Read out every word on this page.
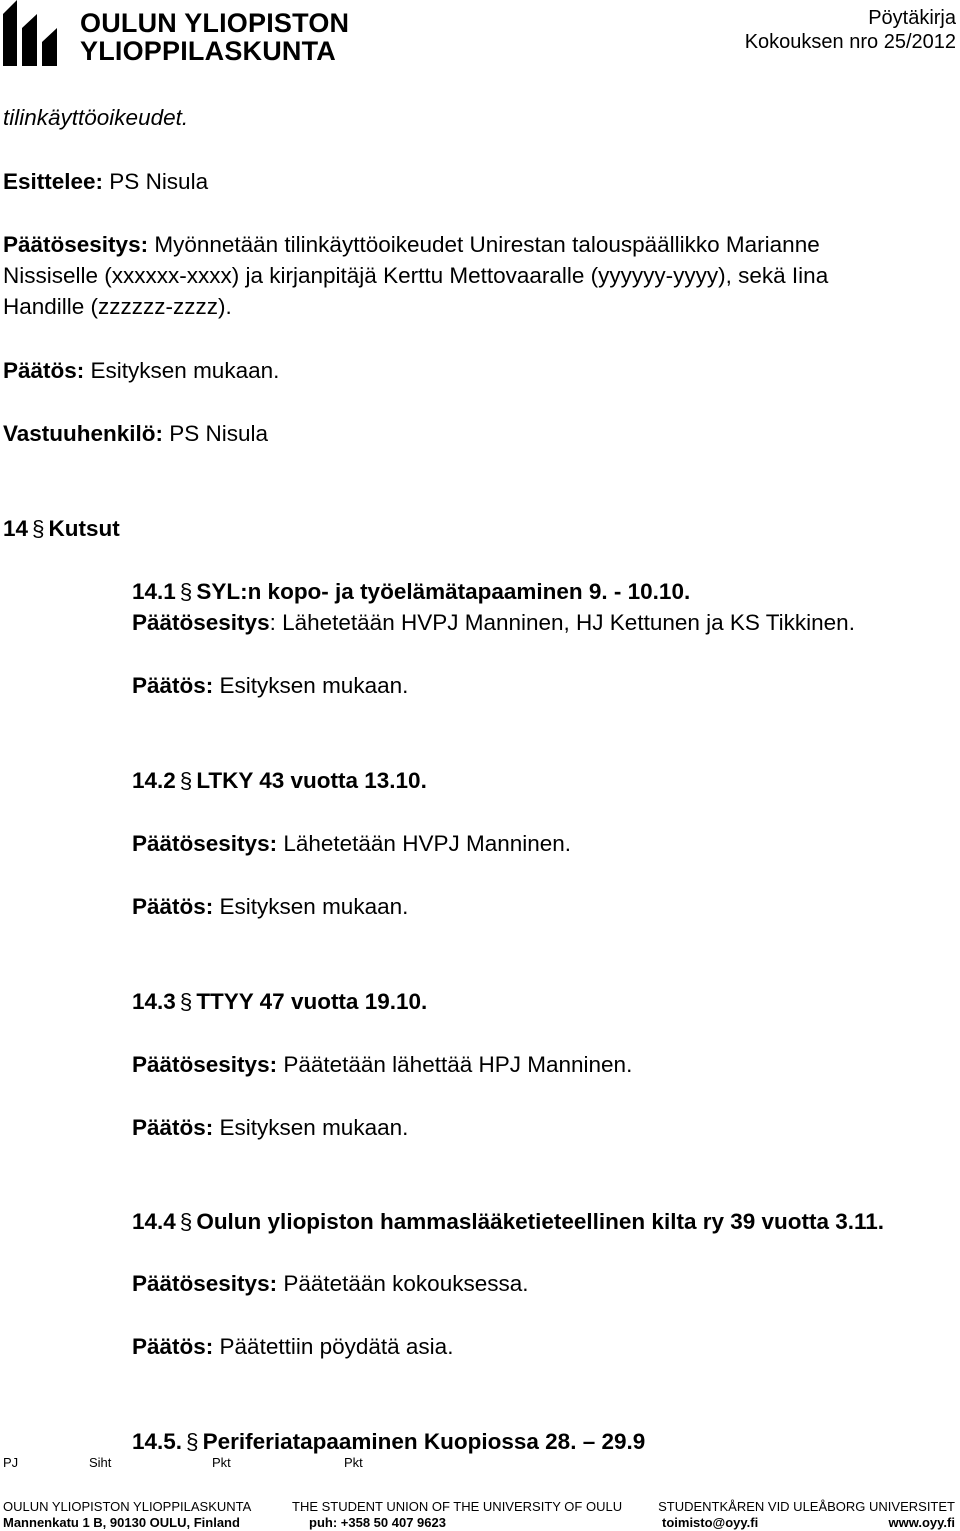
OULUN YLIOPISTON
YLIOPPILASKUNTA
Pöytäkirja
Kokouksen nro 25/2012
tilinkäyttöoikeudet.
Esittelee: PS Nisula
Päätösesitys: Myönnetään tilinkäyttöoikeudet Unirestan talouspäällikko Marianne
Nissiselle (xxxxxx-xxxx) ja kirjanpitäjä Kerttu Mettovaaralle (yyyyyy-yyyy), sekä Iina
Handille (zzzzzz-zzzz).
Päätös: Esityksen mukaan.
Vastuuhenkilö: PS Nisula
14 § Kutsut
14.1 § SYL:n kopo- ja työelämätapaaminen 9. - 10.10.
Päätösesitys: Lähetetään HVPJ Manninen, HJ Kettunen ja KS Tikkinen.
Päätös: Esityksen mukaan.
14.2 § LTKY 43 vuotta 13.10.
Päätösesitys: Lähetetään HVPJ Manninen.
Päätös: Esityksen mukaan.
14.3 § TTYY 47 vuotta 19.10.
Päätösesitys: Päätetään lähettää HPJ Manninen.
Päätös: Esityksen mukaan.
14.4 § Oulun yliopiston hammaslääketieteellinen kilta ry 39 vuotta 3.11.
Päätösesitys: Päätetään kokouksessa.
Päätös: Päätettiin pöydätä asia.
14.5. § Periferiatapaaminen Kuopiossa 28. – 29.9
PJ	Siht	Pkt	Pkt
OULUN YLIOPISTON YLIOPPILASKUNTA	THE STUDENT UNION OF THE UNIVERSITY OF OULU	STUDENTKÅREN VID ULEÅBORG UNIVERSITET
Mannenkatu 1 B, 90130 OULU, Finland	puh: +358 50 407 9623	toimisto@oyy.fi	www.oyy.fi
